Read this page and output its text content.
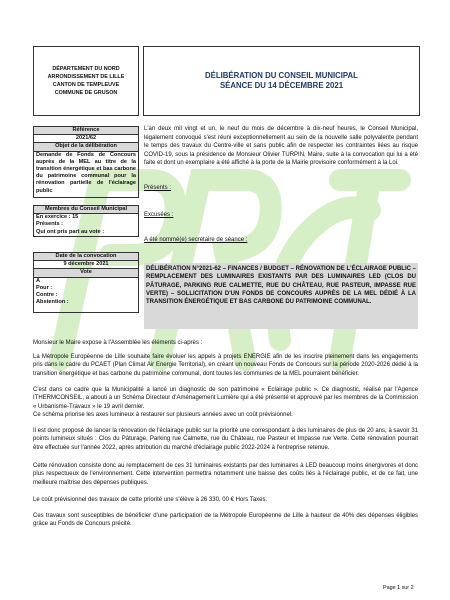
DÉPARTEMENT DU NORD
ARRONDISSEMENT DE LILLE
CANTON DE TEMPLEUVE
COMMUNE DE GRUSON
DÉLIBÉRATION DU CONSEIL MUNICIPAL
SÉANCE DU 14 DÉCEMBRE 2021
Référence
2021/62
Objet de la délibération
Demande de Fonds de Concours auprès de la MEL au titre de la transition énergétique et bas carbone du patrimoine communal pour la rénovation partielle de l'éclairage public
Membres du Conseil Municipal
En exercice : 15
Présents :
Qui ont pris part au vote :
Date de la convocation
9 décembre 2021
Vote
A
Pour :
Contre :
Abstention :
L'an deux mil vingt et un, le neuf du mois de décembre à dix-neuf heures, le Conseil Municipal, légalement convoqué s'est réuni exceptionnellement au sein de la nouvelle salle polyvalente pendant le temps des travaux du Centre-ville et sans public afin de respecter les contraintes liées au risque COVID-19, sous la présidence de Monsieur Olivier TURPIN, Maire, suite à la convocation qui lui a été faite et dont un exemplaire a été affiché à la porte de la Mairie provisoire conformément à la Loi.
Présents :
Excusées :
A été nommé(e) secrétaire de séance :
DÉLIBÉRATION N°2021-62 – FINANCES / BUDGET – RÉNOVATION DE L'ÉCLAIRAGE PUBLIC – REMPLACEMENT DES LUMINAIRES EXISTANTS PAR DES LUMINAIRES LED (CLOS DU PÂTURAGE, PARKING RUE CALMETTE, RUE DU CHÂTEAU, RUE PASTEUR, IMPASSE RUE VERTE) – SOLLICITATION D'UN FONDS DE CONCOURS AUPRÈS DE LA MEL DÉDIÉ À LA TRANSITION ÉNERGÉTIQUE ET BAS CARBONE DU PATRIMOINE COMMUNAL.
Monsieur le Maire expose à l'Assemblée les éléments ci-après :
La Métropole Européenne de Lille souhaite faire évoluer les appels à projets ENERGIE afin de les inscrire pleinement dans les engagements pris dans le cadre du PCAET (Plan Climat Air Energie Territorial), en créant un nouveau Fonds de Concours sur la période 2020-2026 dédié à la transition énergétique et bas carbone du patrimoine communal, dont toutes les communes de la MEL pourraient bénéficier.
C'est dans ce cadre que la Municipalité a lancé un diagnostic de son patrimoine « Eclairage public ». Ce diagnostic, réalisé par l'Agence ITHERMCONSEIL, a abouti à un Schéma Directeur d'Aménagement Lumière qui a été présenté et approuvé par les membres de la Commission « Urbanisme-Travaux » le 19 avril dernier.
Ce schéma priorise les axes lumineux à restaurer sur plusieurs années avec un coût prévisionnel.
Il est donc proposé de lancer la rénovation de l'éclairage public sur la priorité une correspondant à des luminaires de plus de 20 ans, à savoir 31 points lumineux situés : Clos du Pâturage, Parking rue Calmette, rue du Château, rue Pasteur et Impasse rue Verte. Cette rénovation pourrait être effectuée sur l'année 2022, après attribution du marché d'éclairage public 2022-2024 à l'entreprise retenue.
Cette rénovation consiste donc au remplacement de ces 31 luminaires existants par des luminaires à LED beaucoup moins énergivores et donc plus respectueux de l'environnement. Cette intervention permettra notamment une baisse des coûts liés à l'éclairage public, et de ce fait, une meilleure maîtrise des dépenses publiques.
Le coût prévisionnel des travaux de cette priorité une s'élève à 26 330, 00 € Hors Taxes.
Ces travaux sont susceptibles de bénéficier d'une participation de la Métropole Européenne de Lille à hauteur de 40% des dépenses éligibles grâce au Fonds de Concours précité.
Page 1 sur 2
